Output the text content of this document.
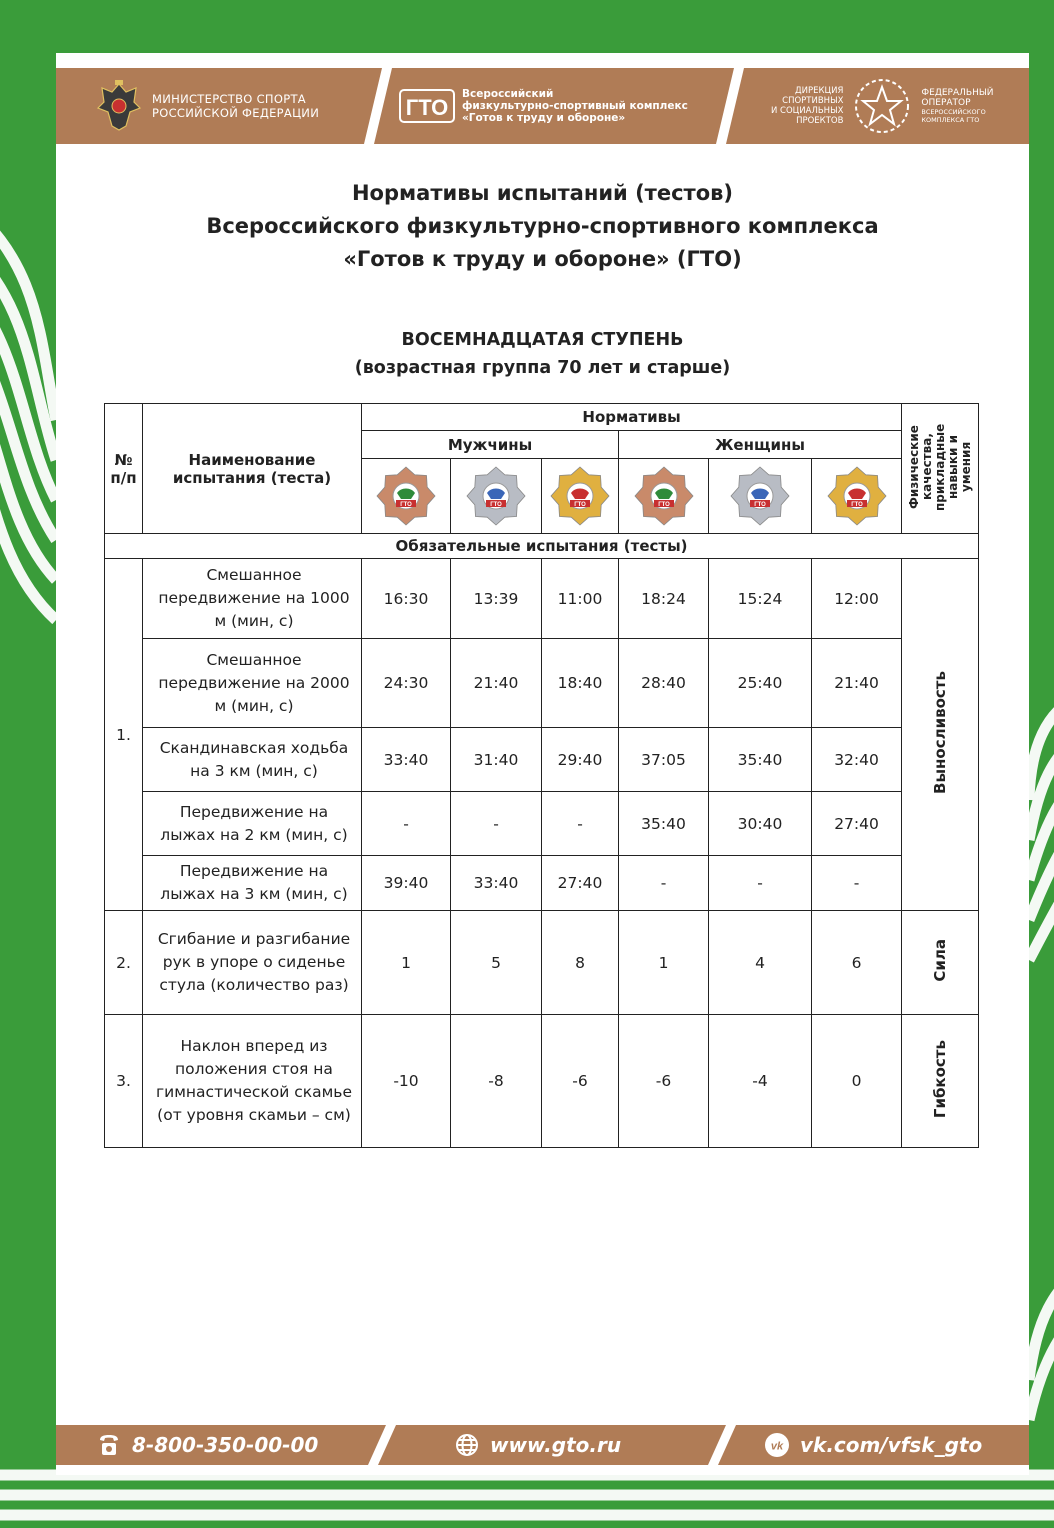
МИНИСТЕРСТВО СПОРТА
РОССИЙСКОЙ ФЕДЕРАЦИИ	ГТО
Всероссийский
физкультурно-спортивный комплекс
«Готов к труду и обороне»
ДИРЕКЦИЯ
СПОРТИВНЫХ
И СОЦИАЛЬНЫХ
ПРОЕКТОВ
ФЕДЕРАЛЬНЫЙ
ОПЕРАТОР
ВСЕРОССИЙСКОГО
КОМПЛЕКСА ГТО
Нормативы испытаний (тестов)
Всероссийского физкультурно-спортивного комплекса
«Готов к труду и обороне» (ГТО)
ВОСЕМНАДЦАТАЯ СТУПЕНЬ
(возрастная группа 70 лет и старше)
№ п/п	Наименование испытания (теста)	Нормативы						Физические качества, прикладные навыки и умения
		Мужчины			Женщины			

ГТО	ГТО	ГТО	ГТО	ГТО	ГТО	

Обязательные испытания (тесты)								
1.	Смешанное передвижение на 1000 м (мин, с)	16:30	13:39	11:00	18:24	15:24	12:00	Выносливость
	Смешанное передвижение на 2000 м (мин, с)	24:30	21:40	18:40	28:40	25:40	21:40	
	Скандинавская ходьба на 3 км (мин, с)	33:40	31:40	29:40	37:05	35:40	32:40	
	Передвижение на лыжах на 2 км (мин, с)	-	-	-	35:40	30:40	27:40	
	Передвижение на лыжах на 3 км (мин, с)	39:40	33:40	27:40	-	-	-	
2.	Сгибание и разгибание рук в упоре о сиденье стула (количество раз)	1	5	8	1	4	6	Сила
3.	Наклон вперед из положения стоя на гимнастической скамье (от уровня скамьи – см)	-10	-8	-6	-6	-4	0	Гибкость
8-800-350-00-00	www.gto.ru	vk vk.com/vfsk_gto
